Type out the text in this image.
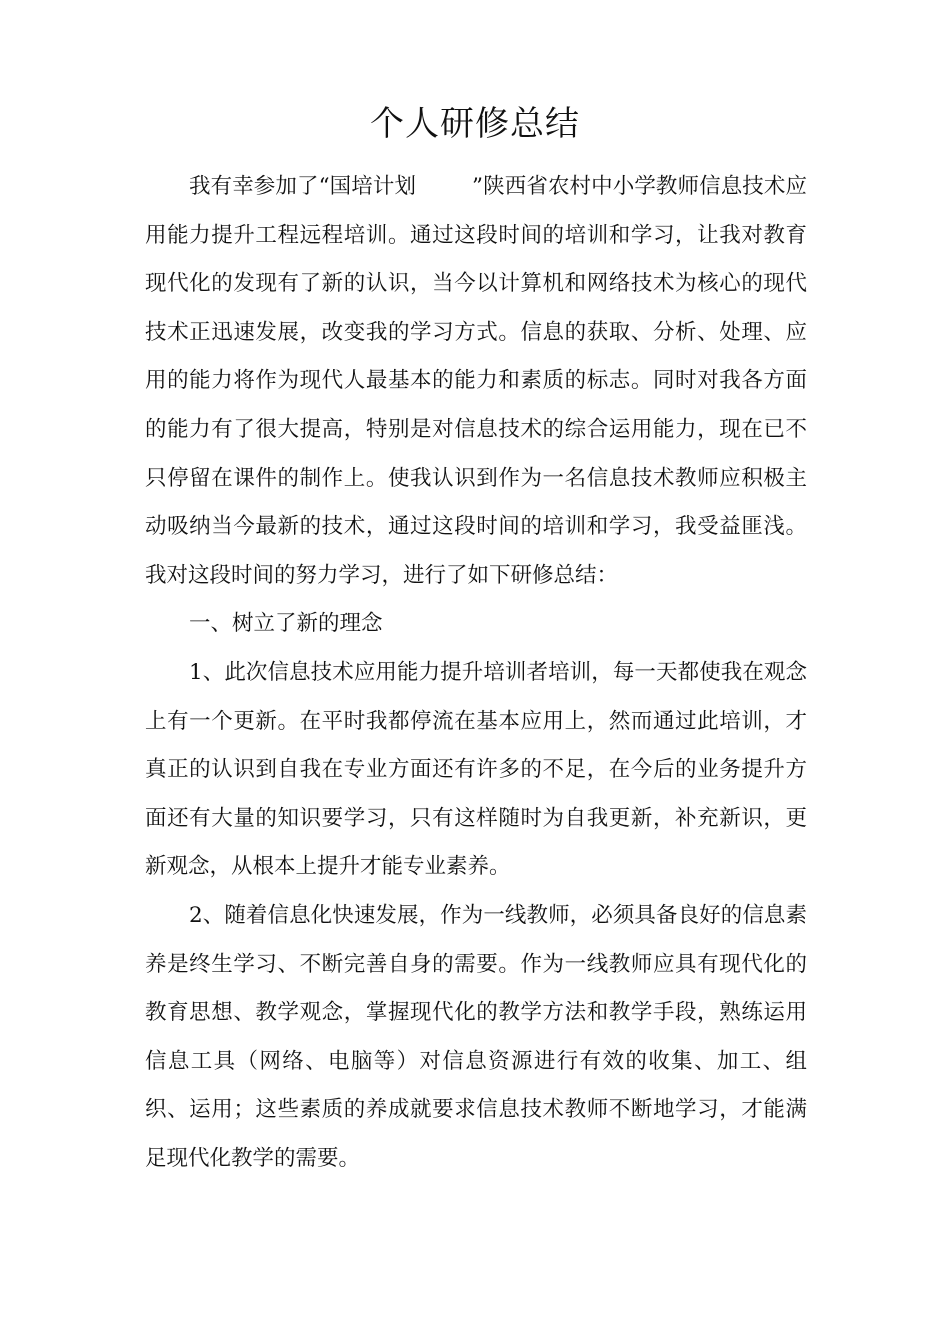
个人研修总结

我有幸参加了“国培计划	”陕西省农村中小学教师信息技术应用能力提升工程远程培训。通过这段时间的培训和学习，让我对教育现代化的发现有了新的认识，当今以计算机和网络技术为核心的现代技术正迅速发展，改变我的学习方式。信息的获取、分析、处理、应用的能力将作为现代人最基本的能力和素质的标志。同时对我各方面的能力有了很大提高，特别是对信息技术的综合运用能力，现在已不只停留在课件的制作上。使我认识到作为一名信息技术教师应积极主动吸纳当今最新的技术，通过这段时间的培训和学习，我受益匪浅。我对这段时间的努力学习，进行了如下研修总结：

一、树立了新的理念

1、此次信息技术应用能力提升培训者培训，每一天都使我在观念上有一个更新。在平时我都停流在基本应用上，然而通过此培训，才真正的认识到自我在专业方面还有许多的不足，在今后的业务提升方面还有大量的知识要学习，只有这样随时为自我更新，补充新识，更新观念，从根本上提升才能专业素养。

2、随着信息化快速发展，作为一线教师，必须具备良好的信息素养是终生学习、不断完善自身的需要。作为一线教师应具有现代化的教育思想、教学观念，掌握现代化的教学方法和教学手段，熟练运用信息工具（网络、电脑等）对信息资源进行有效的收集、加工、组织、运用；这些素质的养成就要求信息技术教师不断地学习，才能满足现代化教学的需要。
